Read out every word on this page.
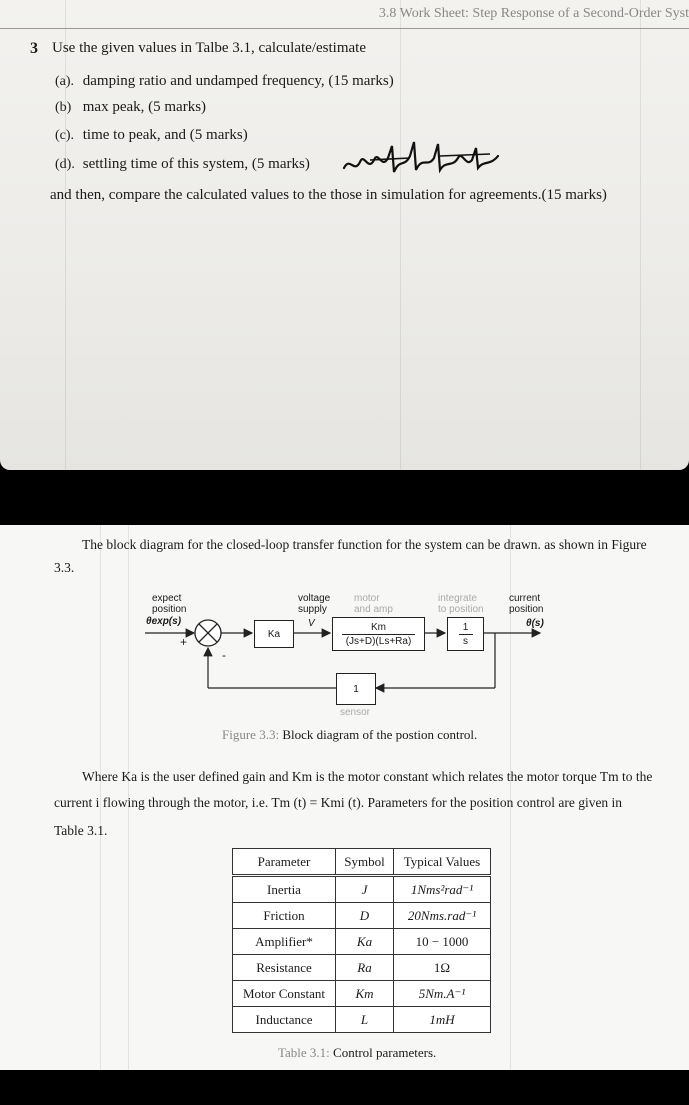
3.8 Work Sheet: Step Response of a Second-Order Syst
3 Use the given values in Talbe 3.1, calculate/estimate
(a). damping ratio and undamped frequency, (15 marks)
(b) max peak, (5 marks)
(c). time to peak, and (5 marks)
(d). settling time of this system, (5 marks)
and then, compare the calculated values to the those in simulation for agreements.(15 marks)
The block diagram for the closed-loop transfer function for the system can be drawn. as shown in Figure
3.3.
expect
position
θexp(s)
+
-
Ka
voltage
supply
V
motor
and amp
Km
(Js+D)(Ls+Ra)
integrate
to position
1
s
current
position
θ(s)
1
sensor
Figure 3.3: Block diagram of the postion control.
Where Ka is the user defined gain and Km is the motor constant which relates the motor torque Tm to the
current i flowing through the motor, i.e. Tm (t) = Kmi (t). Parameters for the position control are given in
Table 3.1.
Parameter	Symbol	Typical Values
Inertia	J	1Nms²rad⁻¹
Friction	D	20Nms.rad⁻¹
Amplifier*	Ka	10 − 1000
Resistance	Ra	1Ω
Motor Constant	Km	5Nm.A⁻¹
Inductance	L	1mH
Table 3.1: Control parameters.
